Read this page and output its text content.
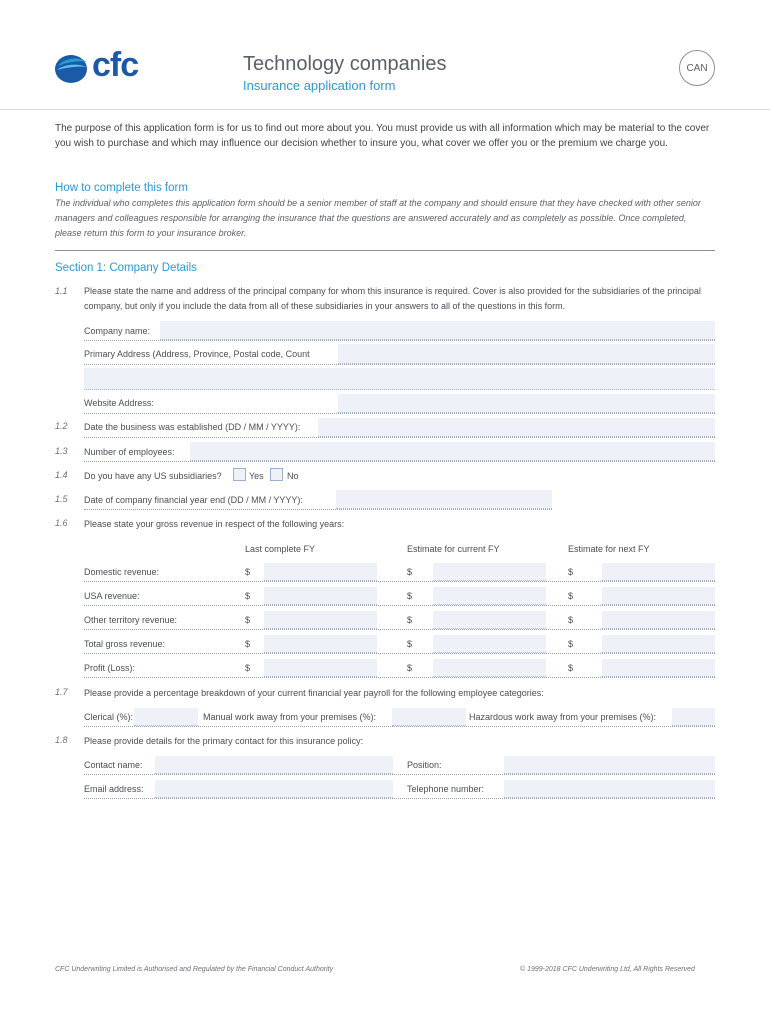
cfc	Technology companies
Insurance application form
CAN
The purpose of this application form is for us to find out more about you. You must provide us with all information which may be material to the cover you wish to purchase and which may influence our decision whether to insure you, what cover we offer you or the premium we charge you.
How to complete this form
The individual who completes this application form should be a senior member of staff at the company and should ensure that they have checked with other senior managers and colleagues responsible for arranging the insurance that the questions are answered accurately and as completely as possible. Once completed, please return this form to your insurance broker.
Section 1: Company Details
1.1 Please state the name and address of the principal company for whom this insurance is required. Cover is also provided for the subsidiaries of the principal company, but only if you include the data from all of these subsidiaries in your answers to all of the questions in this form.
Company name:
Primary Address (Address, Province, Postal code, Count
Website Address:
1.2 Date the business was established (DD / MM / YYYY):
1.3 Number of employees:
1.4 Do you have any US subsidiaries?	Yes	No
1.5 Date of company financial year end (DD / MM / YYYY):
1.6 Please state your gross revenue in respect of the following years:
Last complete FY	Estimate for current FY	Estimate for next FY
Domestic revenue:	$	$	$
USA revenue:	$	$	$
Other territory revenue:	$	$	$
Total gross revenue:	$	$	$
Profit (Loss):	$	$	$
1.7 Please provide a percentage breakdown of your current financial year payroll for the following employee categories:
Clerical (%):	Manual work away from your premises (%):	Hazardous work away from your premises (%):
1.8 Please provide details for the primary contact for this insurance policy:
Contact name:	Position:
Email address:	Telephone number:
CFC Underwriting Limited is Authorised and Regulated by the Financial Conduct Authority	© 1999-2018 CFC Underwriting Ltd, All Rights Reserved
